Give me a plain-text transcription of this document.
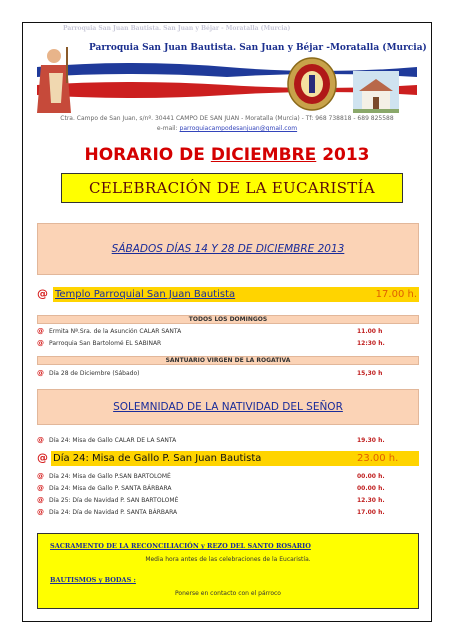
Parroquia San Juan Bautista. San Juan y Béjar - Moratalla (Murcia)
Parroquia San Juan Bautista. San Juan y Béjar -Moratalla (Murcia)
Ctra. Campo de San Juan, s/nº. 30441 CAMPO DE SAN JUAN - Moratalla (Murcia) - Tf: 968 738818 - 689 825588
e-mail: parroquiacampodesanjuan@gmail.com
HORARIO DE DICIEMBRE 2013
CELEBRACIÓN DE LA EUCARISTÍA
SÁBADOS DÍAS 14 Y 28 DE DICIEMBRE 2013
@ Templo Parroquial San Juan Bautista	17.00 h.
TODOS LOS DOMINGOS
@ Ermita Nª.Sra. de la Asunción CALAR SANTA	11.00 h
@ Parroquia San Bartolomé EL SABINAR	12:30 h.
SANTUARIO VIRGEN DE LA ROGATIVA
@ Día 28 de Diciembre (Sábado)	15,30 h
SOLEMNIDAD DE LA NATIVIDAD DEL SEÑOR
@ Día 24: Misa de Gallo CALAR DE LA SANTA	19.30 h.
@ Día 24: Misa de Gallo P. San Juan Bautista	23.00 h.
@ Día 24: Misa de Gallo P.SAN BARTOLOMÉ	00.00 h.
@ Día 24: Misa de Gallo P. SANTA BÁRBARA	00.00 h.
@ Día 25: Día de Navidad P. SAN BARTOLOMÉ	12.30 h.
@ Día 24: Día de Navidad P. SANTA BÁRBARA	17.00 h.
SACRAMENTO DE LA RECONCILIACIÓN y REZO DEL SANTO ROSARIO
Media hora antes de las celebraciones de la Eucaristía.
BAUTISMOS y BODAS :
Ponerse en contacto con el párroco
